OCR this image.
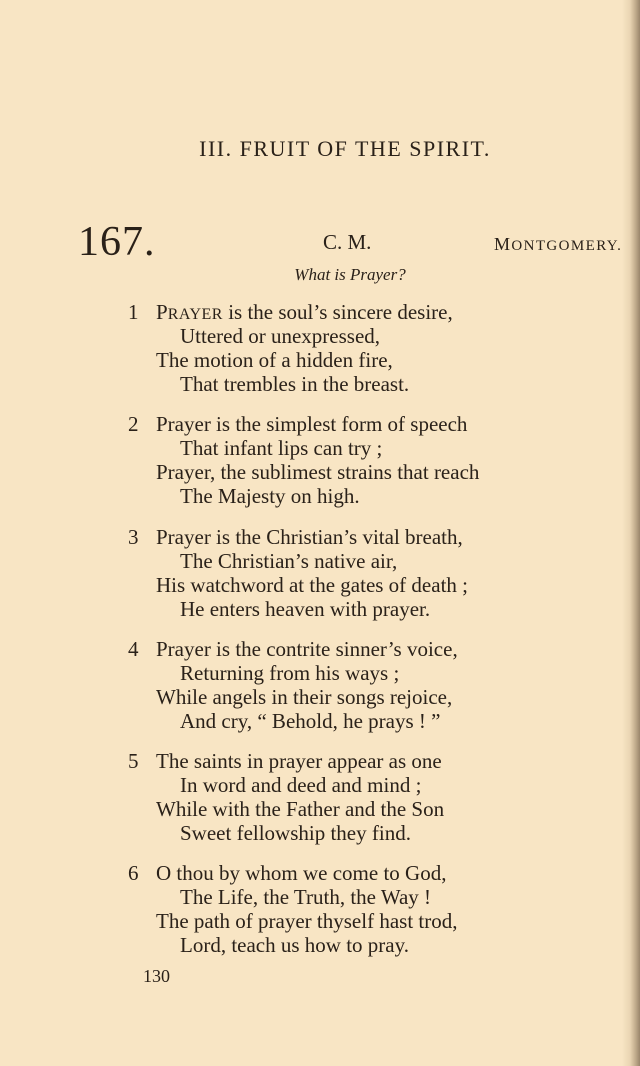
III. FRUIT OF THE SPIRIT.
167.	C. M.	MONTGOMERY.
What is Prayer?
1 PRAYER is the soul’s sincere desire,
Uttered or unexpressed,
The motion of a hidden fire,
That trembles in the breast.
2 Prayer is the simplest form of speech
That infant lips can try ;
Prayer, the sublimest strains that reach
The Majesty on high.
3 Prayer is the Christian’s vital breath,
The Christian’s native air,
His watchword at the gates of death ;
He enters heaven with prayer.
4 Prayer is the contrite sinner’s voice,
Returning from his ways ;
While angels in their songs rejoice,
And cry, “ Behold, he prays ! ”
5 The saints in prayer appear as one
In word and deed and mind ;
While with the Father and the Son
Sweet fellowship they find.
6 O thou by whom we come to God,
The Life, the Truth, the Way !
The path of prayer thyself hast trod,
Lord, teach us how to pray.
130
